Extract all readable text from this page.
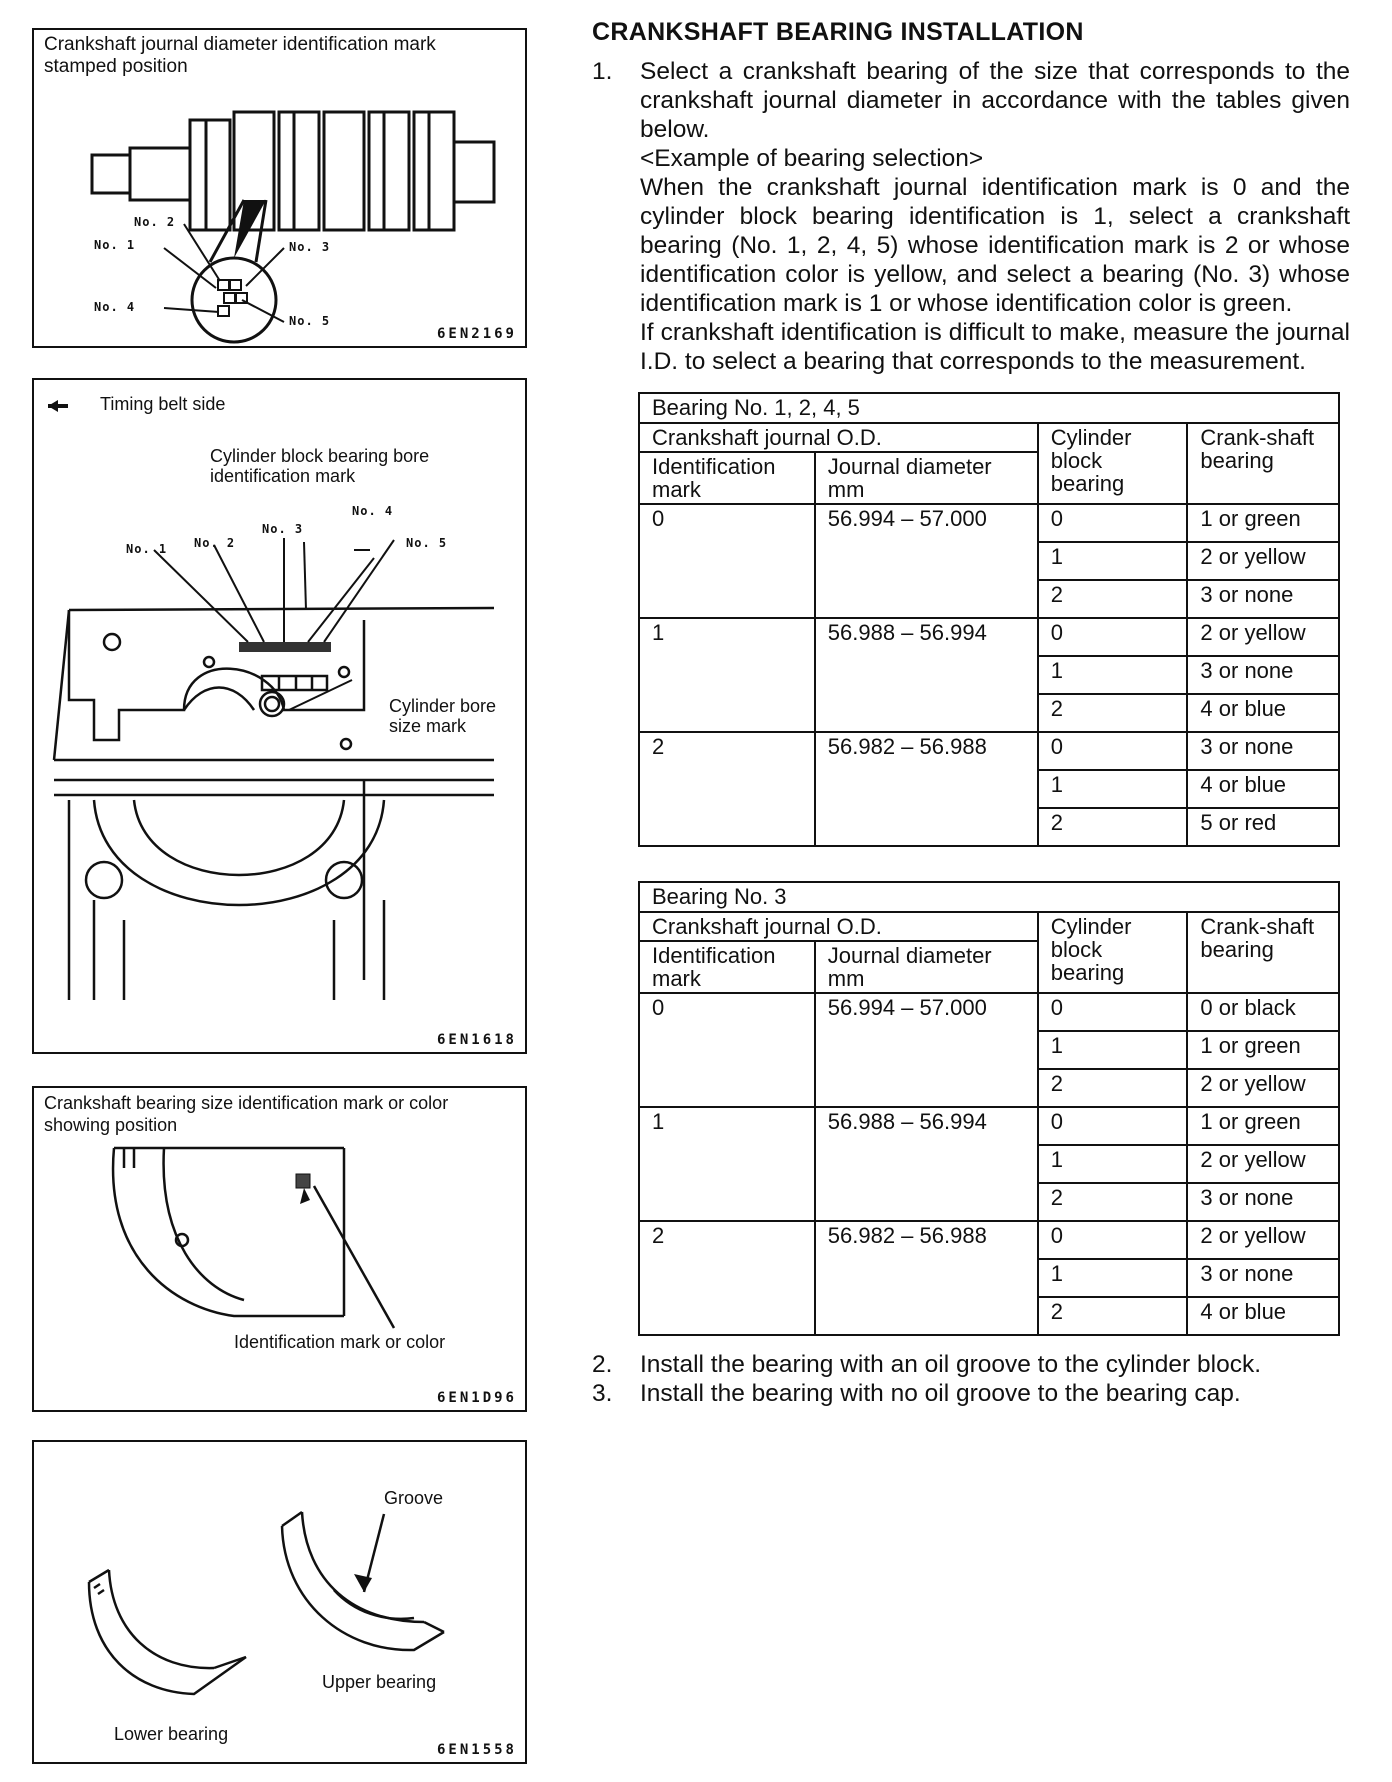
Crankshaft journal diameter identification mark stamped position
No. 2
No. 1	No. 3
No. 4
No. 5
6EN2169
Timing belt side
Cylinder block bearing bore identification mark
No. 1 No. 2
No. 3
No. 4
No. 5
Cylinder bore size mark
6EN1618
Crankshaft bearing size identification mark or color showing position
Identification mark or color
6EN1D96
Groove
Upper bearing
Lower bearing
6EN1558
CRANKSHAFT BEARING INSTALLATION
1.	Select a crankshaft bearing of the size that corresponds to the crankshaft journal diameter in accordance with the tables given below.

<Example of bearing selection>

When the crankshaft journal identification mark is 0 and the cylinder block bearing identification is 1, select a crankshaft bearing (No. 1, 2, 4, 5) whose identification mark is 2 or whose identification color is yellow, and select a bearing (No. 3) whose identification mark is 1 or whose identification color is green.

If crankshaft identification is difficult to make, measure the journal I.D. to select a bearing that corresponds to the measurement.

Bearing No. 1, 2, 4, 5			
Crankshaft journal O.D.		Cylinder block bearing	Crank-shaft bearing
Identification mark	Journal diameter mm		
0	56.994 – 57.000	0	1 or green
		1	2 or yellow
		2	3 or none
1	56.988 – 56.994	0	2 or yellow
		1	3 or none
		2	4 or blue
2	56.982 – 56.988	0	3 or none
		1	4 or blue
		2	5 or red
Bearing No. 3			
Crankshaft journal O.D.		Cylinder block bearing	Crank-shaft bearing
Identification mark	Journal diameter mm		
0	56.994 – 57.000	0	0 or black
		1	1 or green
		2	2 or yellow
1	56.988 – 56.994	0	1 or green
		1	2 or yellow
		2	3 or none
2	56.982 – 56.988	0	2 or yellow
		1	3 or none
		2	4 or blue
2.	Install the bearing with an oil groove to the cylinder block.
3.	Install the bearing with no oil groove to the bearing cap.
